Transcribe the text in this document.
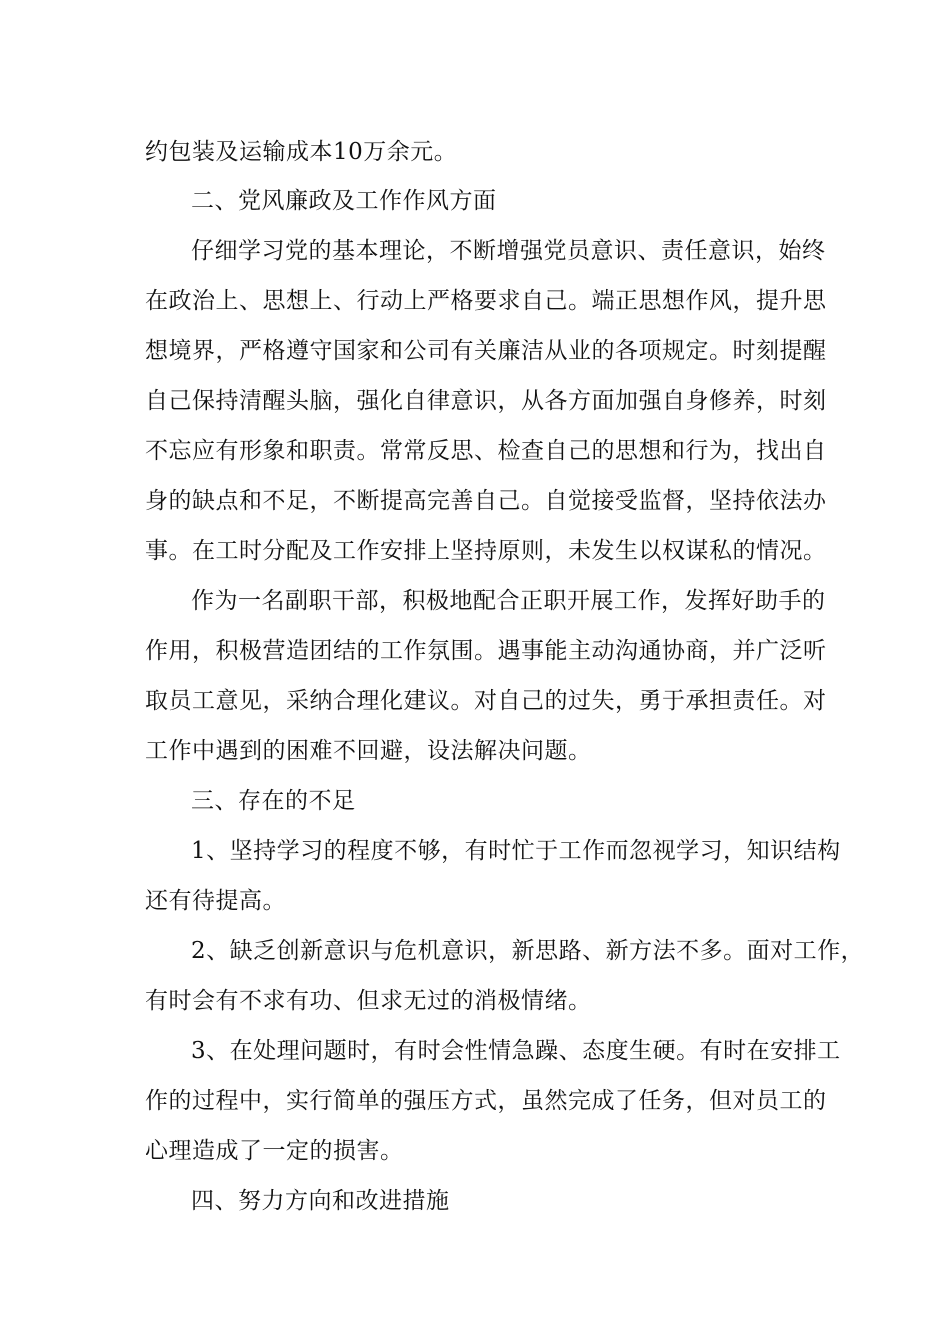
约包装及运输成本10万余元。
二、党风廉政及工作作风方面
仔细学习党的基本理论，不断增强党员意识、责任意识，始终
在政治上、思想上、行动上严格要求自己。端正思想作风，提升思
想境界，严格遵守国家和公司有关廉洁从业的各项规定。时刻提醒
自己保持清醒头脑，强化自律意识，从各方面加强自身修养，时刻
不忘应有形象和职责。常常反思、检查自己的思想和行为，找出自
身的缺点和不足，不断提高完善自己。自觉接受监督，坚持依法办
事。在工时分配及工作安排上坚持原则，未发生以权谋私的情况。
作为一名副职干部，积极地配合正职开展工作，发挥好助手的
作用，积极营造团结的工作氛围。遇事能主动沟通协商，并广泛听
取员工意见，采纳合理化建议。对自己的过失，勇于承担责任。对
工作中遇到的困难不回避，设法解决问题。
三、存在的不足
1、坚持学习的程度不够，有时忙于工作而忽视学习，知识结构
还有待提高。
2、缺乏创新意识与危机意识，新思路、新方法不多。面对工作，
有时会有不求有功、但求无过的消极情绪。
3、在处理问题时，有时会性情急躁、态度生硬。有时在安排工
作的过程中，实行简单的强压方式，虽然完成了任务，但对员工的
心理造成了一定的损害。
四、努力方向和改进措施
